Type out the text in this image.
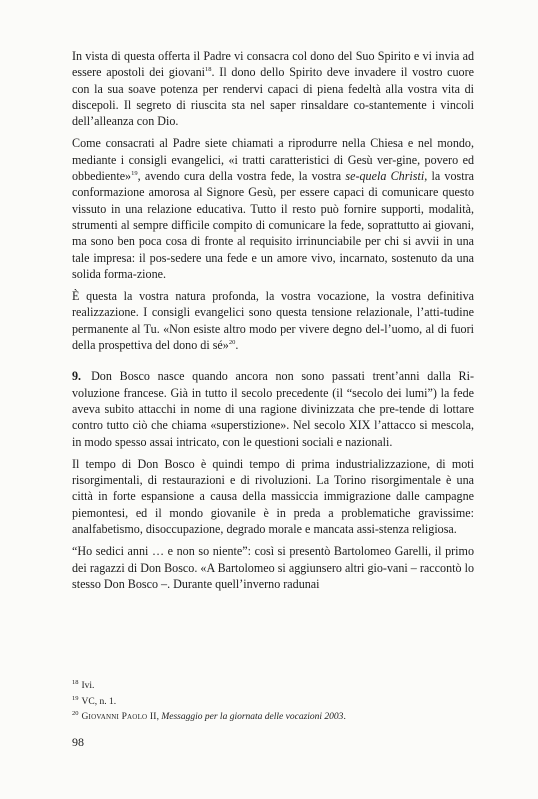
In vista di questa offerta il Padre vi consacra col dono del Suo Spirito e vi invia ad essere apostoli dei giovani$^{18}$. Il dono dello Spirito deve invadere il vostro cuore con la sua soave potenza per rendervi capaci di piena fedeltà alla vostra vita di discepoli. Il segreto di riuscita sta nel saper rinsaldare co-stantemente i vincoli dell’alleanza con Dio.

Come consacrati al Padre siete chiamati a riprodurre nella Chiesa e nel mondo, mediante i consigli evangelici, «i tratti caratteristici di Gesù ver-gine, povero ed obbediente»$^{19}$, avendo cura della vostra fede, la vostra se-quela Christi, la vostra conformazione amorosa al Signore Gesù, per essere capaci di comunicare questo vissuto in una relazione educativa. Tutto il resto può fornire supporti, modalità, strumenti al sempre difficile compito di comunicare la fede, soprattutto ai giovani, ma sono ben poca cosa di fronte al requisito irrinunciabile per chi si avvii in una tale impresa: il pos-sedere una fede e un amore vivo, incarnato, sostenuto da una solida forma-zione.

È questa la vostra natura profonda, la vostra vocazione, la vostra definitiva realizzazione. I consigli evangelici sono questa tensione relazionale, l’atti-tudine permanente al Tu. «Non esiste altro modo per vivere degno del-l’uomo, al di fuori della prospettiva del dono di sé»$^{20}$.

9. Don Bosco nasce quando ancora non sono passati trent’anni dalla Ri-voluzione francese. Già in tutto il secolo precedente (il “secolo dei lumi”) la fede aveva subito attacchi in nome di una ragione divinizzata che pre-tende di lottare contro tutto ciò che chiama «superstizione». Nel secolo XIX l’attacco si mescola, in modo spesso assai intricato, con le questioni sociali e nazionali.

Il tempo di Don Bosco è quindi tempo di prima industrializzazione, di moti risorgimentali, di restaurazioni e di rivoluzioni. La Torino risorgimentale è una città in forte espansione a causa della massiccia immigrazione dalle campagne piemontesi, ed il mondo giovanile è in preda a problematiche gravissime: analfabetismo, disoccupazione, degrado morale e mancata assi-stenza religiosa.

“Ho sedici anni … e non so niente”: così si presentò Bartolomeo Garelli, il primo dei ragazzi di Don Bosco. «A Bartolomeo si aggiunsero altri gio-vani – raccontò lo stesso Don Bosco –. Durante quell’inverno radunai

$^{18}$ Ivi.
$^{19}$ VC, n. 1.
$^{20}$ Giovanni Paolo II, Messaggio per la giornata delle vocazioni 2003.
98
